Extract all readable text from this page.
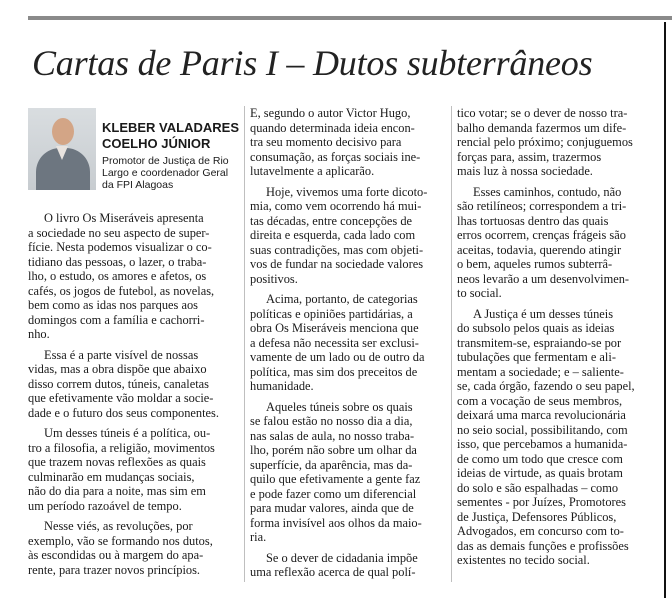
Cartas de Paris I – Dutos subterrâneos
KLEBER VALADARES
COELHO JÚNIOR
Promotor de Justiça de Rio
Largo e coordenador Geral
da FPI Alagoas
O livro Os Miseráveis apresenta
a sociedade no seu aspecto de super-
fície. Nesta podemos visualizar o co-
tidiano das pessoas, o lazer, o traba-
lho, o estudo, os amores e afetos, os
cafés, os jogos de futebol, as novelas,
bem como as idas nos parques aos
domingos com a família e cachorri-
nho.
Essa é a parte visível de nossas
vidas, mas a obra dispõe que abaixo
disso correm dutos, túneis, canaletas
que efetivamente vão moldar a socie-
dade e o futuro dos seus componentes.
Um desses túneis é a política, ou-
tro a filosofia, a religião, movimentos
que trazem novas reflexões as quais
culminarão em mudanças sociais,
não do dia para a noite, mas sim em
um período razoável de tempo.
Nesse viés, as revoluções, por
exemplo, vão se formando nos dutos,
às escondidas ou à margem do apa-
rente, para trazer novos princípios.
E, segundo o autor Victor Hugo,
quando determinada ideia encon-
tra seu momento decisivo para
consumação, as forças sociais ine-
lutavelmente a aplicarão.
Hoje, vivemos uma forte dicoto-
mia, como vem ocorrendo há mui-
tas décadas, entre concepções de
direita e esquerda, cada lado com
suas contradições, mas com objeti-
vos de fundar na sociedade valores
positivos.
Acima, portanto, de categorias
políticas e opiniões partidárias, a
obra Os Miseráveis menciona que
a defesa não necessita ser exclusi-
vamente de um lado ou de outro da
política, mas sim dos preceitos de
humanidade.
Aqueles túneis sobre os quais
se falou estão no nosso dia a dia,
nas salas de aula, no nosso traba-
lho, porém não sobre um olhar da
superfície, da aparência, mas da-
quilo que efetivamente a gente faz
e pode fazer como um diferencial
para mudar valores, ainda que de
forma invisível aos olhos da maio-
ria.
Se o dever de cidadania impõe
uma reflexão acerca de qual polí-
tico votar; se o dever de nosso tra-
balho demanda fazermos um dife-
rencial pelo próximo; conjuguemos
forças para, assim, trazermos
mais luz à nossa sociedade.
Esses caminhos, contudo, não
são retilíneos; correspondem a tri-
lhas tortuosas dentro das quais
erros ocorrem, crenças frágeis são
aceitas, todavia, querendo atingir
o bem, aqueles rumos subterrâ-
neos levarão a um desenvolvimen-
to social.
A Justiça é um desses túneis
do subsolo pelos quais as ideias
transmitem-se, espraiando-se por
tubulações que fermentam e ali-
mentam a sociedade; e – saliente-
se, cada órgão, fazendo o seu papel,
com a vocação de seus membros,
deixará uma marca revolucionária
no seio social, possibilitando, com
isso, que percebamos a humanida-
de como um todo que cresce com
ideias de virtude, as quais brotam
do solo e são espalhadas – como
sementes - por Juízes, Promotores
de Justiça, Defensores Públicos,
Advogados, em concurso com to-
das as demais funções e profissões
existentes no tecido social.
